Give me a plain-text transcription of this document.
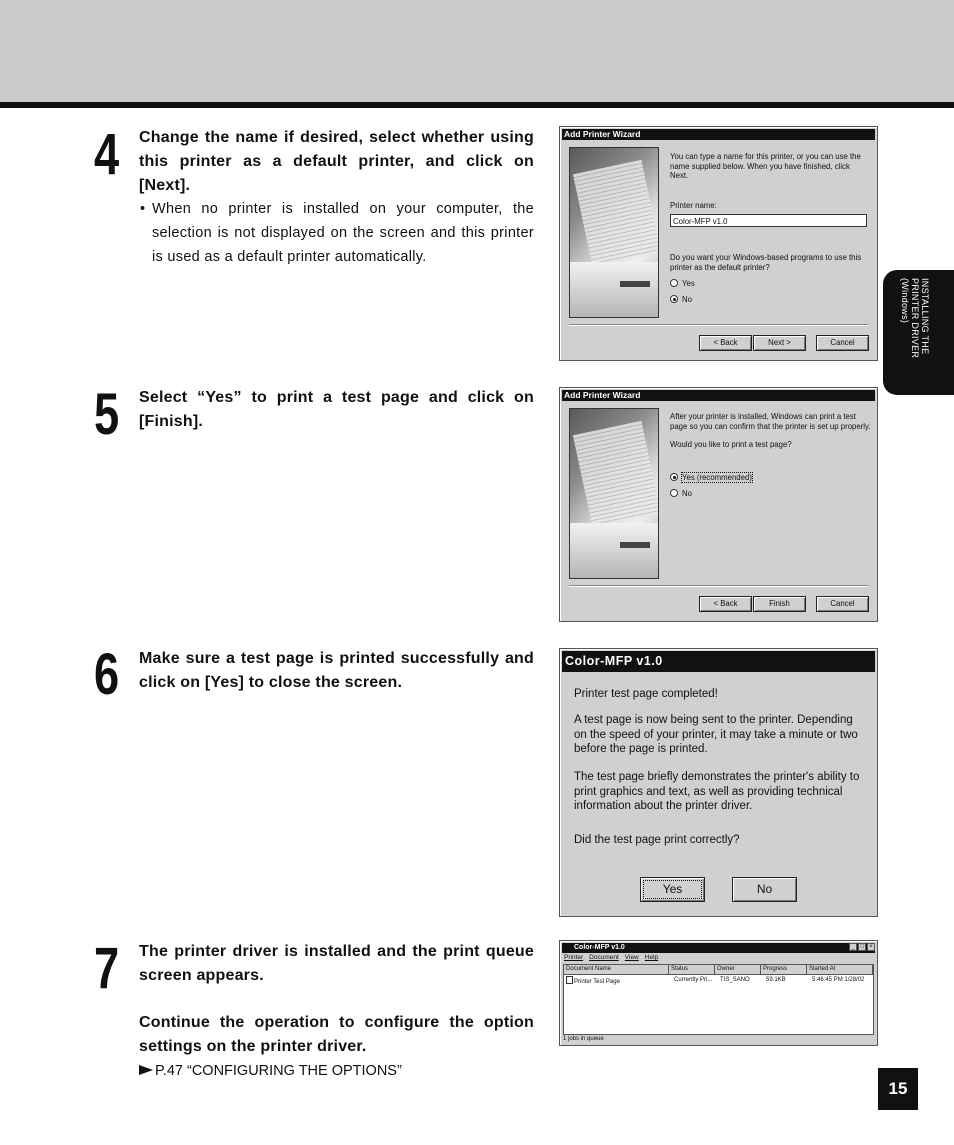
4 Change the name if desired, select whether using this printer as a default printer, and click on [Next].
• When no printer is installed on your computer, the selection is not displayed on the screen and this printer is used as a default printer automatically.
5 Select “Yes” to print a test page and click on [Finish].
6 Make sure a test page is printed successfully and click on [Yes] to close the screen.
7 The printer driver is installed and the print queue screen appears.
Continue the operation to configure the option settings on the printer driver.
P.47 “CONFIGURING THE OPTIONS”
INSTALLING THE
PRINTER DRIVER
(Windows)
15
Add Printer Wizard
You can type a name for this printer, or you can use the name supplied below. When you have finished, click Next.
Printer name:
Color-MFP v1.0
Do you want your Windows-based programs to use this printer as the default printer?
Yes
No
< Back	Next >	Cancel
Add Printer Wizard
After your printer is installed, Windows can print a test page so you can confirm that the printer is set up properly.
Would you like to print a test page?
Yes (recommended)
No
< Back	Finish	Cancel
Color-MFP v1.0
Printer test page completed!
A test page is now being sent to the printer. Depending on the speed of your printer, it may take a minute or two before the page is printed.
The test page briefly demonstrates the printer's ability to print graphics and text, as well as providing technical information about the printer driver.
Did the test page print correctly?
Yes	No
Color-MFP v1.0	_ □ ×
Printer Document View Help
Document Name	Status	Owner	Progress	Started At
Printer Test Page	Currently Pri...	TIS_SANO	59.1KB	5:46:45 PM 1/28/02
1 jobs in queue
